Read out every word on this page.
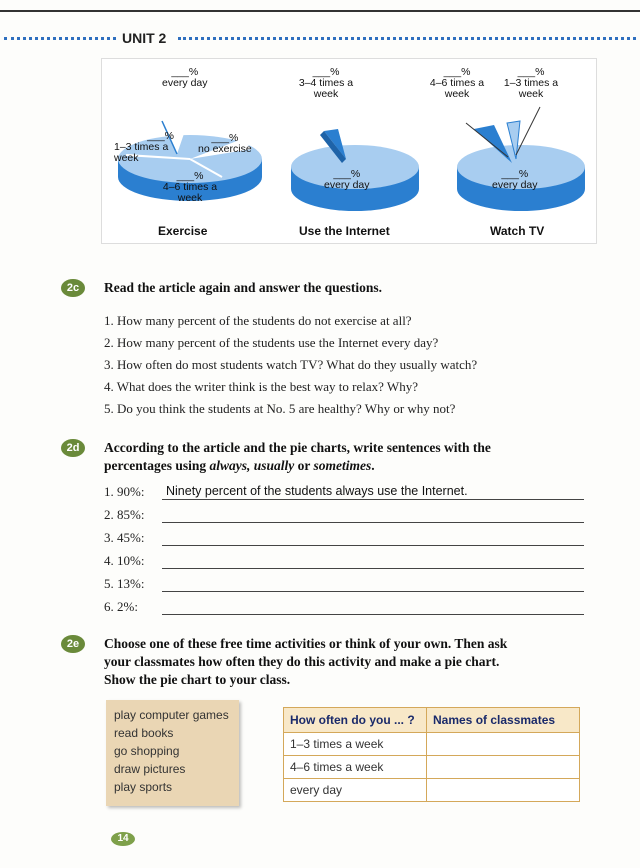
UNIT 2
___%
every day
___%
1–3 times a week
___%
no exercise
___%
4–6 times a week
___%
3–4 times a week
___%
every day
___%
4–6 times a week
___%
1–3 times a week
___%
every day
Exercise	Use the Internet	Watch TV
2c	Read the article again and answer the questions.
1. How many percent of the students do not exercise at all?
2. How many percent of the students use the Internet every day?
3. How often do most students watch TV? What do they usually watch?
4. What does the writer think is the best way to relax? Why?
5. Do you think the students at No. 5 are healthy? Why or why not?
2d	According to the article and the pie charts, write sentences with the
percentages using always, usually or sometimes.
1. 90%: Ninety percent of the students always use the Internet.
2. 85%:
3. 45%:
4. 10%:
5. 13%:
6. 2%:
2e	Choose one of these free time activities or think of your own. Then ask
your classmates how often they do this activity and make a pie chart.
Show the pie chart to your class.
play computer games
read books
go shopping
draw pictures
play sports
How often do you ... ?	Names of classmates
1–3 times a week	
4–6 times a week	
every day	
14
